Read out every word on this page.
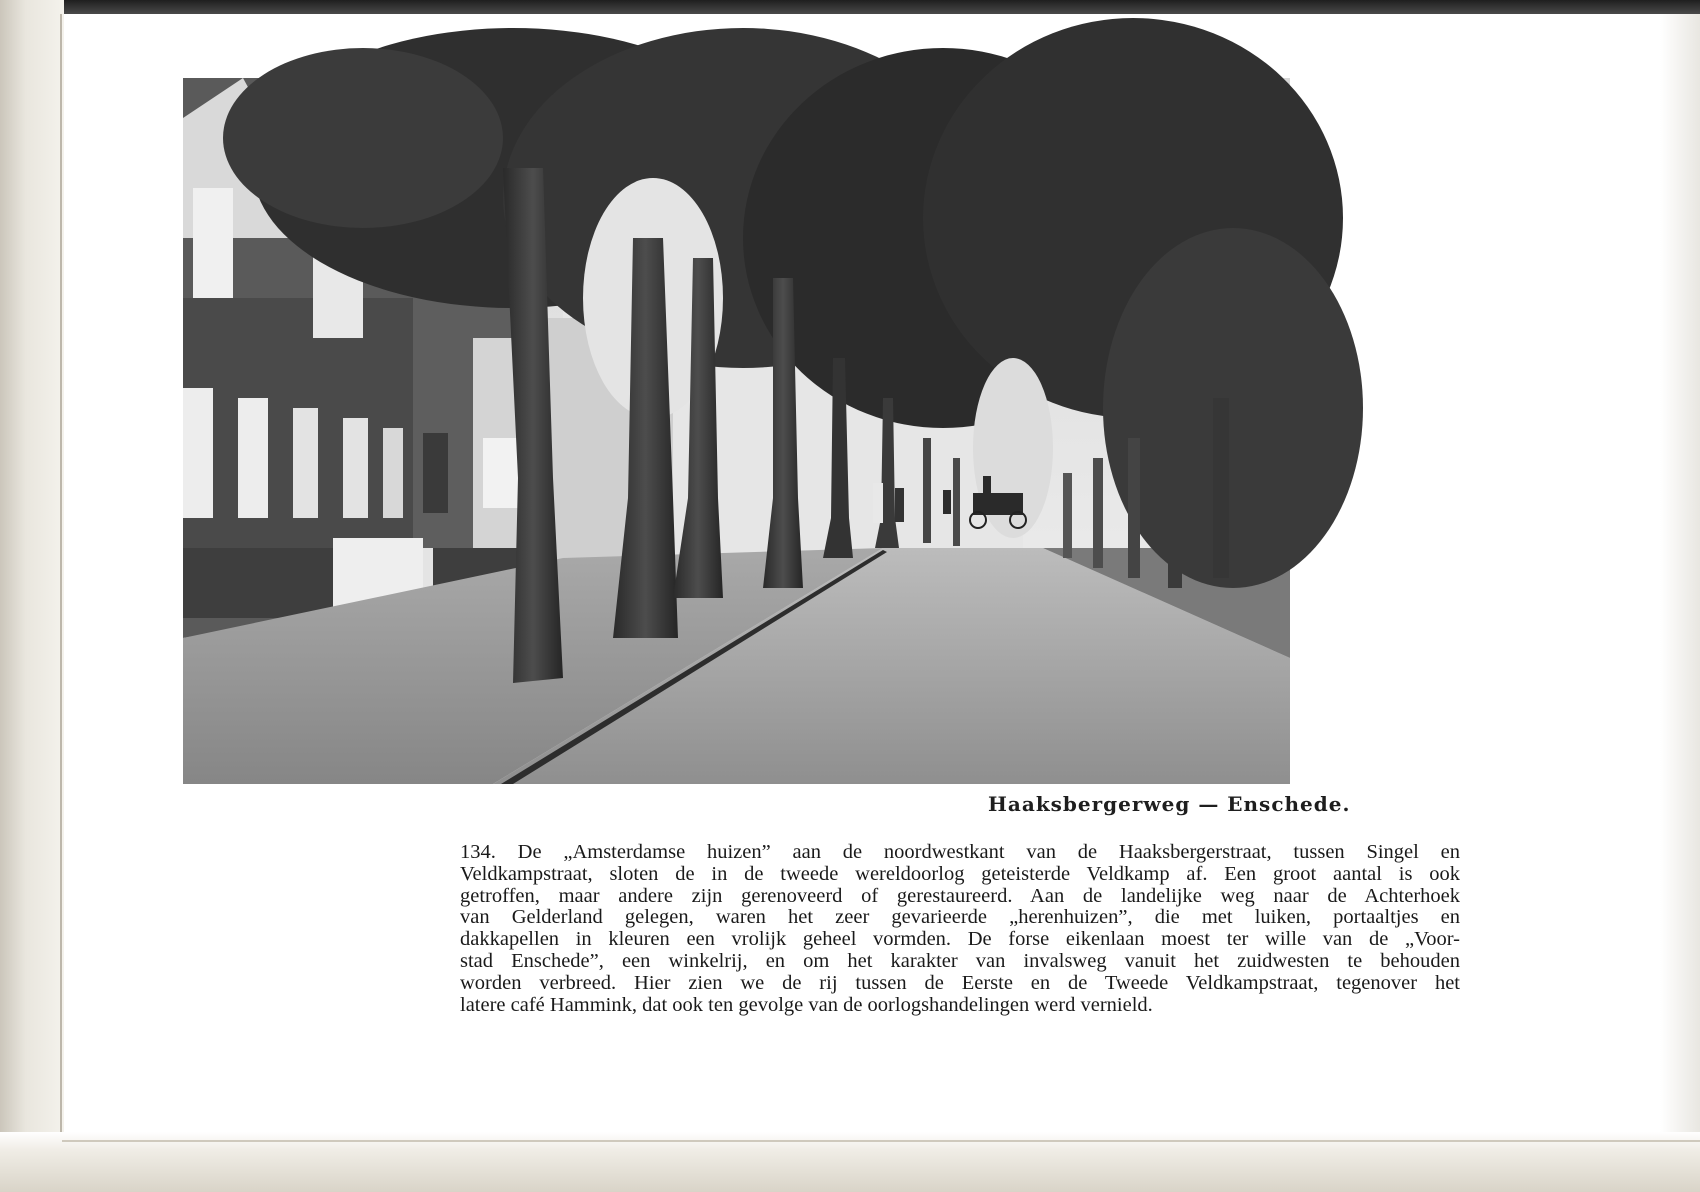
Haaksbergerweg — Enschede.
134. De „Amsterdamse huizen” aan de noordwestkant van de Haaksbergerstraat, tussen Singel en
Veldkampstraat, sloten de in de tweede wereldoorlog geteisterde Veldkamp af. Een groot aantal is ook
getroffen, maar andere zijn gerenoveerd of gerestaureerd. Aan de landelijke weg naar de Achterhoek
van Gelderland gelegen, waren het zeer gevarieerde „herenhuizen”, die met luiken, portaaltjes en
dakkapellen in kleuren een vrolijk geheel vormden. De forse eikenlaan moest ter wille van de „Voor-
stad Enschede”, een winkelrij, en om het karakter van invalsweg vanuit het zuidwesten te behouden
worden verbreed. Hier zien we de rij tussen de Eerste en de Tweede Veldkampstraat, tegenover het
latere café Hammink, dat ook ten gevolge van de oorlogshandelingen werd vernield.
